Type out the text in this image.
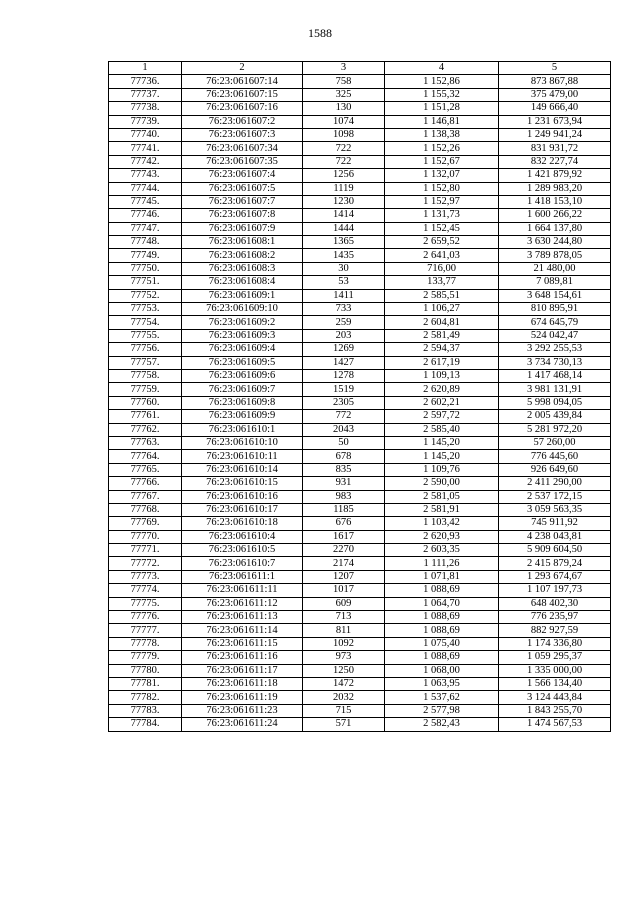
1588
1	2	3	4	5
77736.	76:23:061607:14	758	1 152,86	873 867,88
77737.	76:23:061607:15	325	1 155,32	375 479,00
77738.	76:23:061607:16	130	1 151,28	149 666,40
77739.	76:23:061607:2	1074	1 146,81	1 231 673,94
77740.	76:23:061607:3	1098	1 138,38	1 249 941,24
77741.	76:23:061607:34	722	1 152,26	831 931,72
77742.	76:23:061607:35	722	1 152,67	832 227,74
77743.	76:23:061607:4	1256	1 132,07	1 421 879,92
77744.	76:23:061607:5	1119	1 152,80	1 289 983,20
77745.	76:23:061607:7	1230	1 152,97	1 418 153,10
77746.	76:23:061607:8	1414	1 131,73	1 600 266,22
77747.	76:23:061607:9	1444	1 152,45	1 664 137,80
77748.	76:23:061608:1	1365	2 659,52	3 630 244,80
77749.	76:23:061608:2	1435	2 641,03	3 789 878,05
77750.	76:23:061608:3	30	716,00	21 480,00
77751.	76:23:061608:4	53	133,77	7 089,81
77752.	76:23:061609:1	1411	2 585,51	3 648 154,61
77753.	76:23:061609:10	733	1 106,27	810 895,91
77754.	76:23:061609:2	259	2 604,81	674 645,79
77755.	76:23:061609:3	203	2 581,49	524 042,47
77756.	76:23:061609:4	1269	2 594,37	3 292 255,53
77757.	76:23:061609:5	1427	2 617,19	3 734 730,13
77758.	76:23:061609:6	1278	1 109,13	1 417 468,14
77759.	76:23:061609:7	1519	2 620,89	3 981 131,91
77760.	76:23:061609:8	2305	2 602,21	5 998 094,05
77761.	76:23:061609:9	772	2 597,72	2 005 439,84
77762.	76:23:061610:1	2043	2 585,40	5 281 972,20
77763.	76:23:061610:10	50	1 145,20	57 260,00
77764.	76:23:061610:11	678	1 145,20	776 445,60
77765.	76:23:061610:14	835	1 109,76	926 649,60
77766.	76:23:061610:15	931	2 590,00	2 411 290,00
77767.	76:23:061610:16	983	2 581,05	2 537 172,15
77768.	76:23:061610:17	1185	2 581,91	3 059 563,35
77769.	76:23:061610:18	676	1 103,42	745 911,92
77770.	76:23:061610:4	1617	2 620,93	4 238 043,81
77771.	76:23:061610:5	2270	2 603,35	5 909 604,50
77772.	76:23:061610:7	2174	1 111,26	2 415 879,24
77773.	76:23:061611:1	1207	1 071,81	1 293 674,67
77774.	76:23:061611:11	1017	1 088,69	1 107 197,73
77775.	76:23:061611:12	609	1 064,70	648 402,30
77776.	76:23:061611:13	713	1 088,69	776 235,97
77777.	76:23:061611:14	811	1 088,69	882 927,59
77778.	76:23:061611:15	1092	1 075,40	1 174 336,80
77779.	76:23:061611:16	973	1 088,69	1 059 295,37
77780.	76:23:061611:17	1250	1 068,00	1 335 000,00
77781.	76:23:061611:18	1472	1 063,95	1 566 134,40
77782.	76:23:061611:19	2032	1 537,62	3 124 443,84
77783.	76:23:061611:23	715	2 577,98	1 843 255,70
77784.	76:23:061611:24	571	2 582,43	1 474 567,53
